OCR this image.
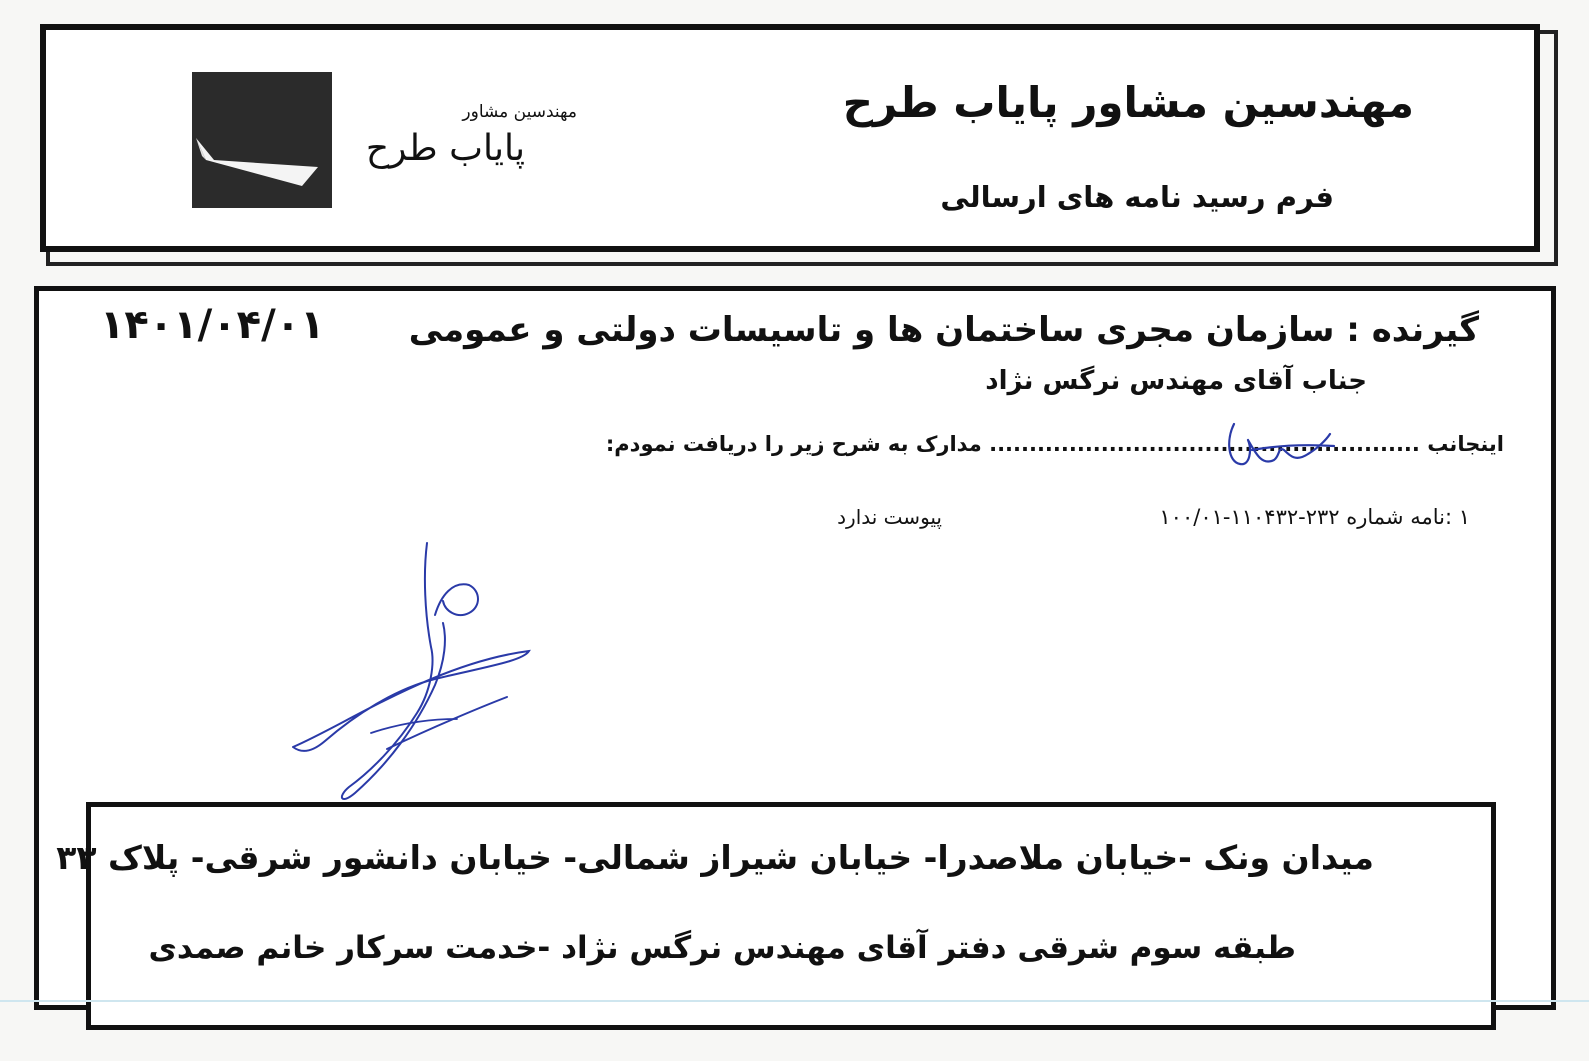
مهندسین مشاور
پایاب طرح
مهندسین مشاور پایاب طرح
فرم رسید نامه های ارسالی
۱۴۰۱/۰۴/۰۱ گیرنده : سازمان مجری ساختمان ها و تاسیسات دولتی و عمومی
جناب آقای مهندس نرگس نژاد
اینجانب ...................................................... مدارک به شرح زیر را دریافت نمودم:
۱ :نامه شماره ۲۳۲-۱۱۰۴۳۲-۱۰۰/۰۱
پیوست ندارد
میدان ونک -خیابان ملاصدرا- خیابان شیراز شمالی- خیابان دانشور شرقی- پلاک ۳۳
طبقه سوم شرقی دفتر آقای مهندس نرگس نژاد -خدمت سرکار خانم صمدی
